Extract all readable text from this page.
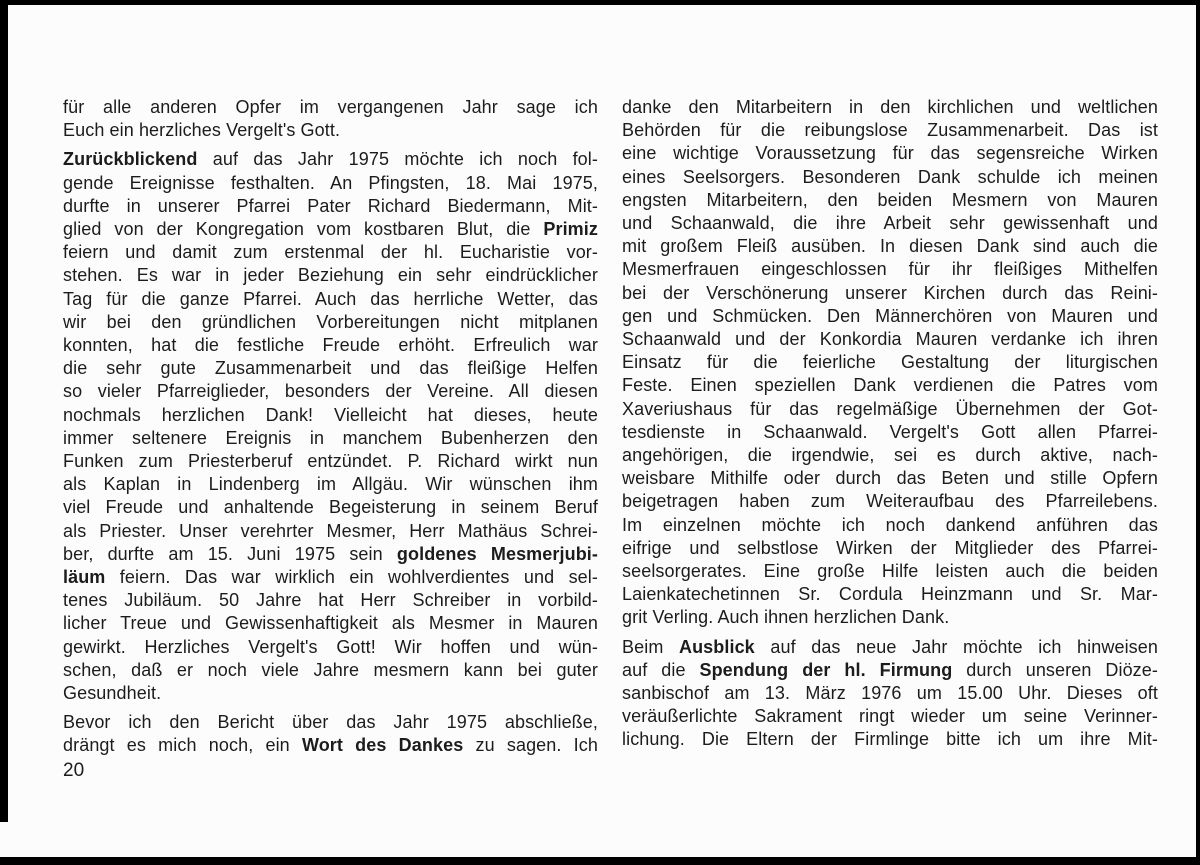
für alle anderen Opfer im vergangenen Jahr sage ich
Euch ein herzliches Vergelt's Gott.
Zurückblickend auf das Jahr 1975 möchte ich noch fol-
gende Ereignisse festhalten. An Pfingsten, 18. Mai 1975,
durfte in unserer Pfarrei Pater Richard Biedermann, Mit-
glied von der Kongregation vom kostbaren Blut, die Primiz
feiern und damit zum erstenmal der hl. Eucharistie vor-
stehen. Es war in jeder Beziehung ein sehr eindrücklicher
Tag für die ganze Pfarrei. Auch das herrliche Wetter, das
wir bei den gründlichen Vorbereitungen nicht mitplanen
konnten, hat die festliche Freude erhöht. Erfreulich war
die sehr gute Zusammenarbeit und das fleißige Helfen
so vieler Pfarreiglieder, besonders der Vereine. All diesen
nochmals herzlichen Dank! Vielleicht hat dieses, heute
immer seltenere Ereignis in manchem Bubenherzen den
Funken zum Priesterberuf entzündet. P. Richard wirkt nun
als Kaplan in Lindenberg im Allgäu. Wir wünschen ihm
viel Freude und anhaltende Begeisterung in seinem Beruf
als Priester. Unser verehrter Mesmer, Herr Mathäus Schrei-
ber, durfte am 15. Juni 1975 sein goldenes Mesmerjubi-
läum feiern. Das war wirklich ein wohlverdientes und sel-
tenes Jubiläum. 50 Jahre hat Herr Schreiber in vorbild-
licher Treue und Gewissenhaftigkeit als Mesmer in Mauren
gewirkt. Herzliches Vergelt's Gott! Wir hoffen und wün-
schen, daß er noch viele Jahre mesmern kann bei guter
Gesundheit.
Bevor ich den Bericht über das Jahr 1975 abschließe,
drängt es mich noch, ein Wort des Dankes zu sagen. Ich
danke den Mitarbeitern in den kirchlichen und weltlichen
Behörden für die reibungslose Zusammenarbeit. Das ist
eine wichtige Voraussetzung für das segensreiche Wirken
eines Seelsorgers. Besonderen Dank schulde ich meinen
engsten Mitarbeitern, den beiden Mesmern von Mauren
und Schaanwald, die ihre Arbeit sehr gewissenhaft und
mit großem Fleiß ausüben. In diesen Dank sind auch die
Mesmerfrauen eingeschlossen für ihr fleißiges Mithelfen
bei der Verschönerung unserer Kirchen durch das Reini-
gen und Schmücken. Den Männerchören von Mauren und
Schaanwald und der Konkordia Mauren verdanke ich ihren
Einsatz für die feierliche Gestaltung der liturgischen
Feste. Einen speziellen Dank verdienen die Patres vom
Xaveriushaus für das regelmäßige Übernehmen der Got-
tesdienste in Schaanwald. Vergelt's Gott allen Pfarrei-
angehörigen, die irgendwie, sei es durch aktive, nach-
weisbare Mithilfe oder durch das Beten und stille Opfern
beigetragen haben zum Weiteraufbau des Pfarreilebens.
Im einzelnen möchte ich noch dankend anführen das
eifrige und selbstlose Wirken der Mitglieder des Pfarrei-
seelsorgerates. Eine große Hilfe leisten auch die beiden
Laienkatechetinnen Sr. Cordula Heinzmann und Sr. Mar-
grit Verling. Auch ihnen herzlichen Dank.
Beim Ausblick auf das neue Jahr möchte ich hinweisen
auf die Spendung der hl. Firmung durch unseren Diöze-
sanbischof am 13. März 1976 um 15.00 Uhr. Dieses oft
veräußerlichte Sakrament ringt wieder um seine Verinner-
lichung. Die Eltern der Firmlinge bitte ich um ihre Mit-
20
